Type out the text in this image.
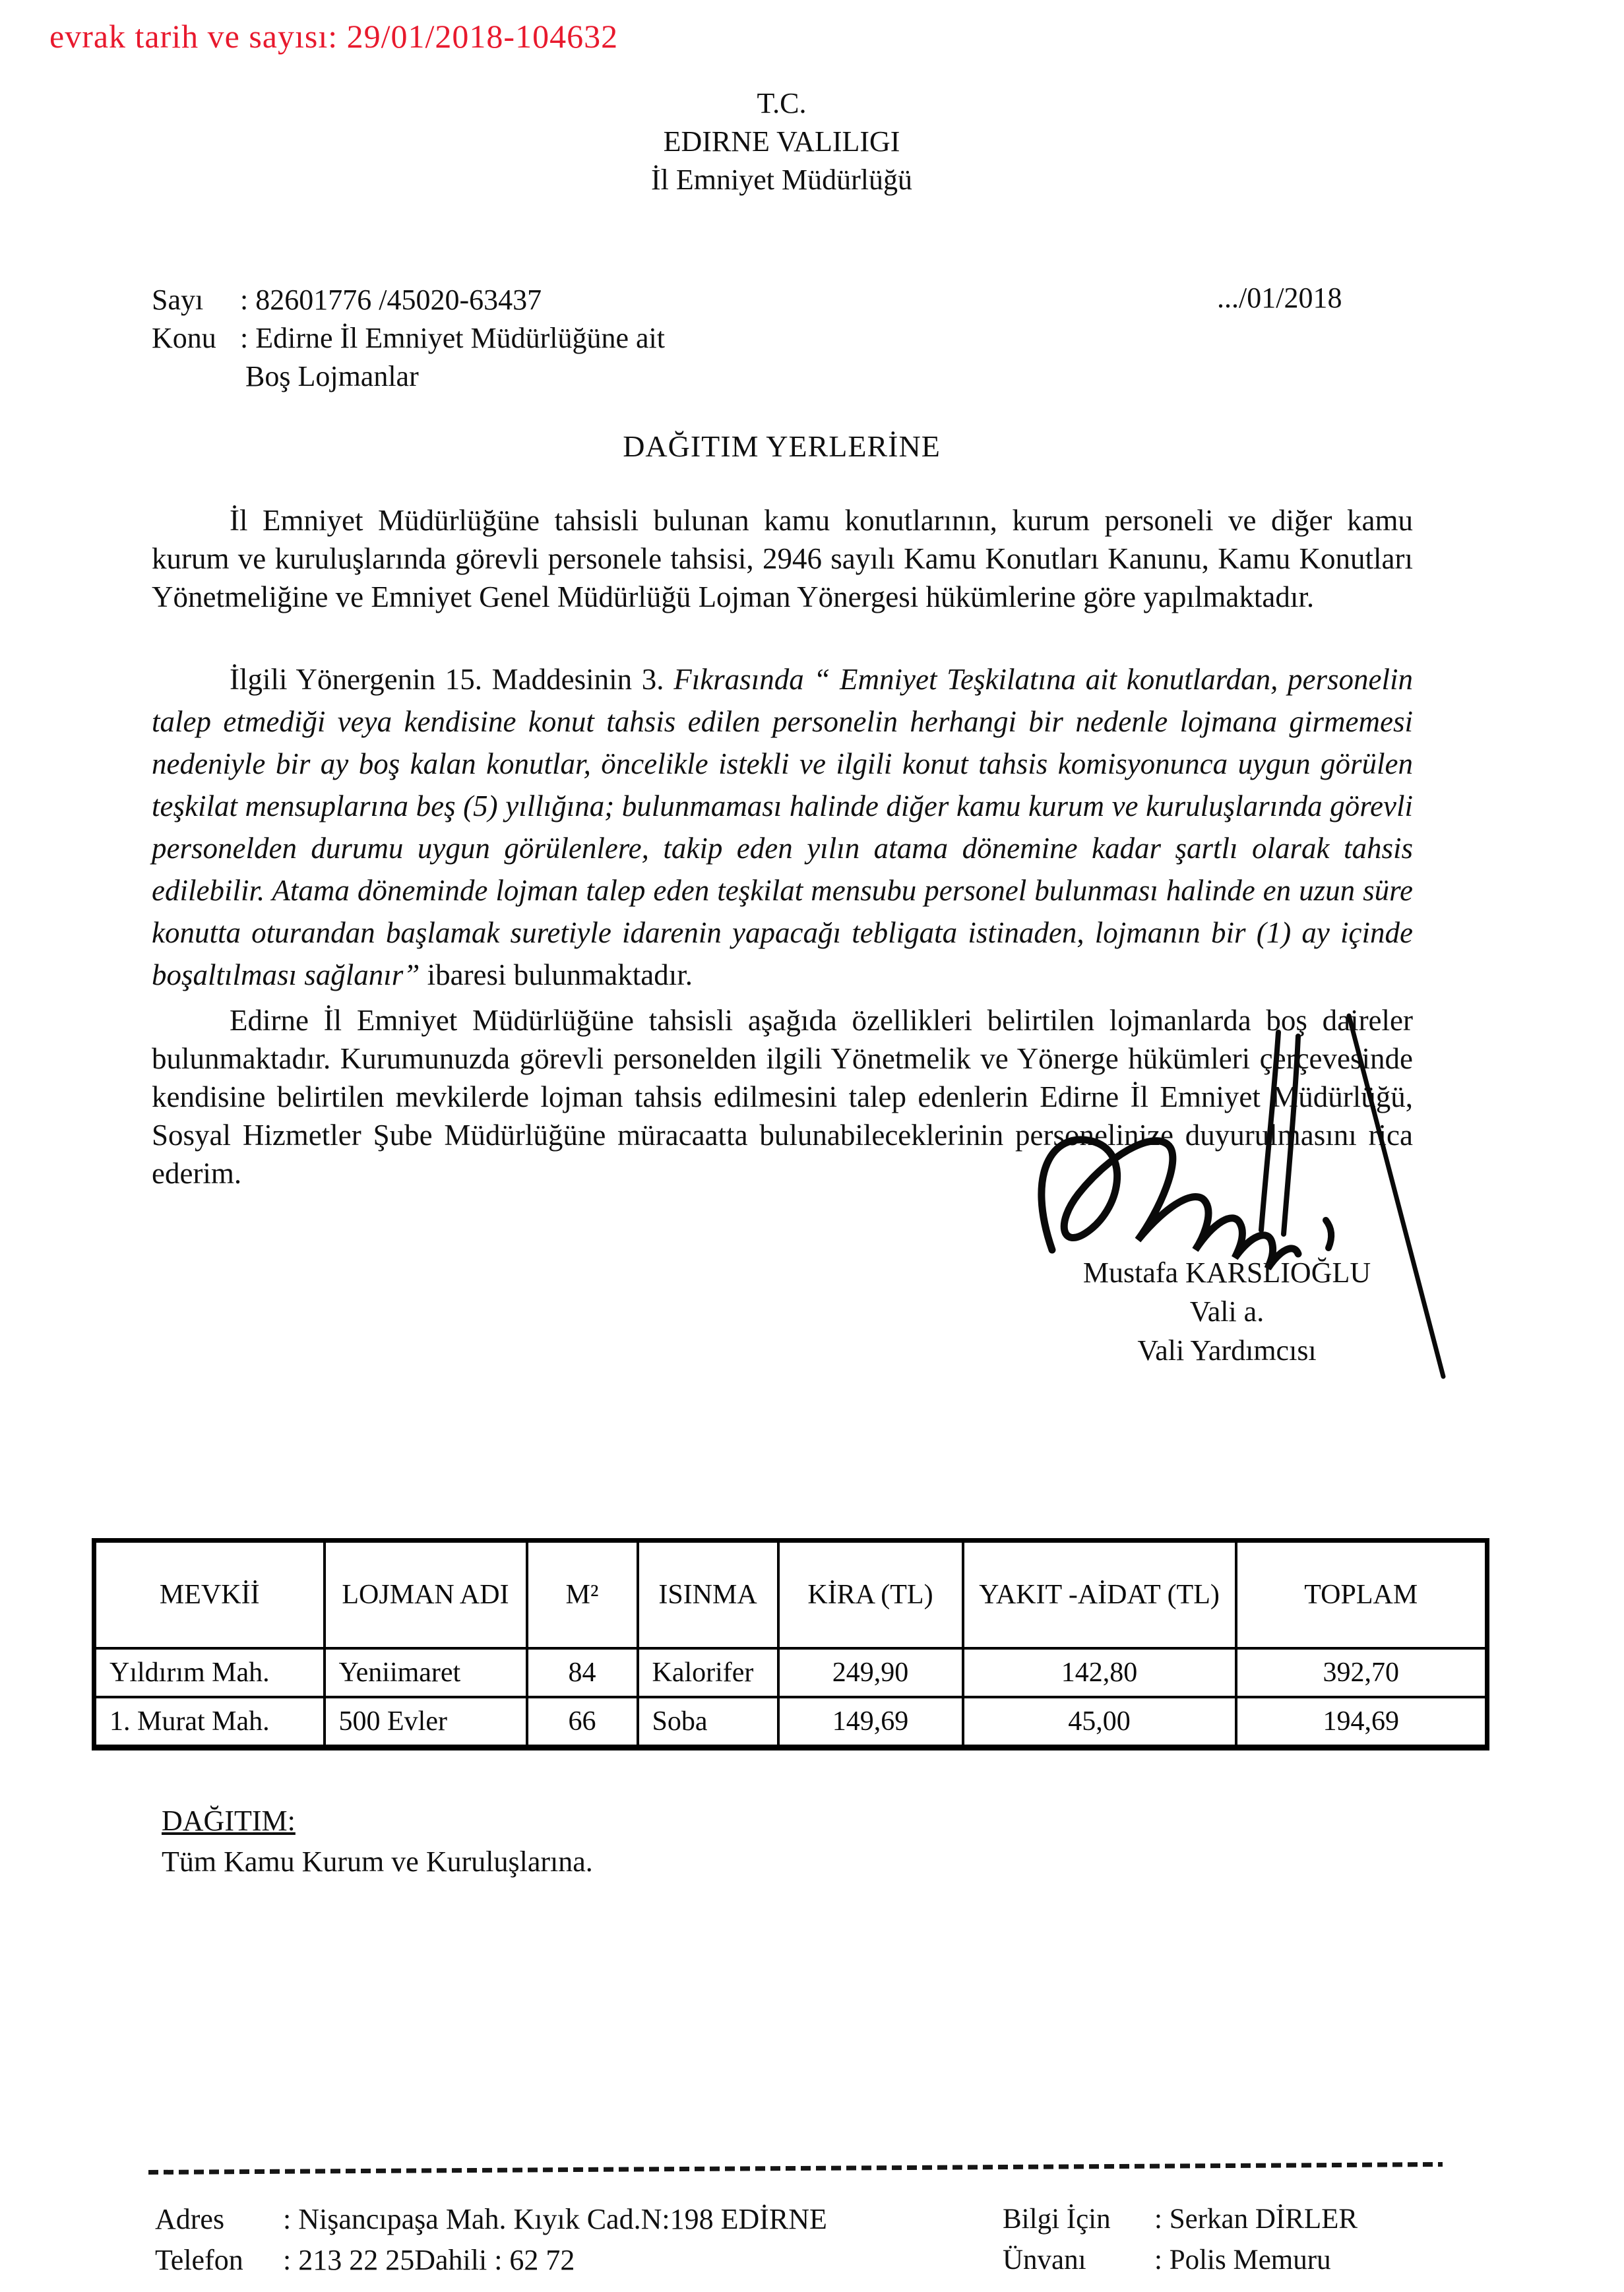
evrak tarih ve sayısı: 29/01/2018-104632
T.C.
EDIRNE VALILIGI
İl Emniyet Müdürlüğü
Sayı	: 82601776 /45020-63437
Konu : Edirne İl Emniyet Müdürlüğüne ait
Boş Lojmanlar
.../01/2018
DAĞITIM YERLERİNE

İl Emniyet Müdürlüğüne tahsisli bulunan kamu konutlarının, kurum personeli ve diğer kamu kurum ve kuruluşlarında görevli personele tahsisi, 2946 sayılı Kamu Konutları Kanunu, Kamu Konutları Yönetmeliğine ve Emniyet Genel Müdürlüğü Lojman Yönergesi hükümlerine göre yapılmaktadır.

İlgili Yönergenin 15. Maddesinin 3. Fıkrasında “ Emniyet Teşkilatına ait konutlardan, personelin talep etmediği veya kendisine konut tahsis edilen personelin herhangi bir nedenle lojmana girmemesi nedeniyle bir ay boş kalan konutlar, öncelikle istekli ve ilgili konut tahsis komisyonunca uygun görülen teşkilat mensuplarına beş (5) yıllığına; bulunmaması halinde diğer kamu kurum ve kuruluşlarında görevli personelden durumu uygun görülenlere, takip eden yılın atama dönemine kadar şartlı olarak tahsis edilebilir. Atama döneminde lojman talep eden teşkilat mensubu personel bulunması halinde en uzun süre konutta oturandan başlamak suretiyle idarenin yapacağı tebligata istinaden, lojmanın bir (1) ay içinde boşaltılması sağlanır” ibaresi bulunmaktadır.

Edirne İl Emniyet Müdürlüğüne tahsisli aşağıda özellikleri belirtilen lojmanlarda boş daireler bulunmaktadır. Kurumunuzda görevli personelden ilgili Yönetmelik ve Yönerge hükümleri çerçevesinde kendisine belirtilen mevkilerde lojman tahsis edilmesini talep edenlerin Edirne İl Emniyet Müdürlüğü, Sosyal Hizmetler Şube Müdürlüğüne müracaatta bulunabileceklerinin personelinize duyurulmasını rica ederim.

Mustafa KARSLIOĞLU
Vali a.
Vali Yardımcısı
MEVKİİ	LOJMAN ADI	M²	ISINMA	KİRA (TL)	YAKIT -AİDAT (TL)	TOPLAM
Yıldırım Mah.	Yeniimaret	84	Kalorifer	249,90	142,80	392,70
1. Murat Mah.	500 Evler	66	Soba	149,69	45,00	194,69
DAĞITIM:
Tüm Kamu Kurum ve Kuruluşlarına.
Adres	: Nişancıpaşa Mah. Kıyık Cad.N:198 EDİRNE
Telefon	: 213 22 25Dahili : 62 72
Bilgi İçin	: Serkan DİRLER
Ünvanı	: Polis Memuru
